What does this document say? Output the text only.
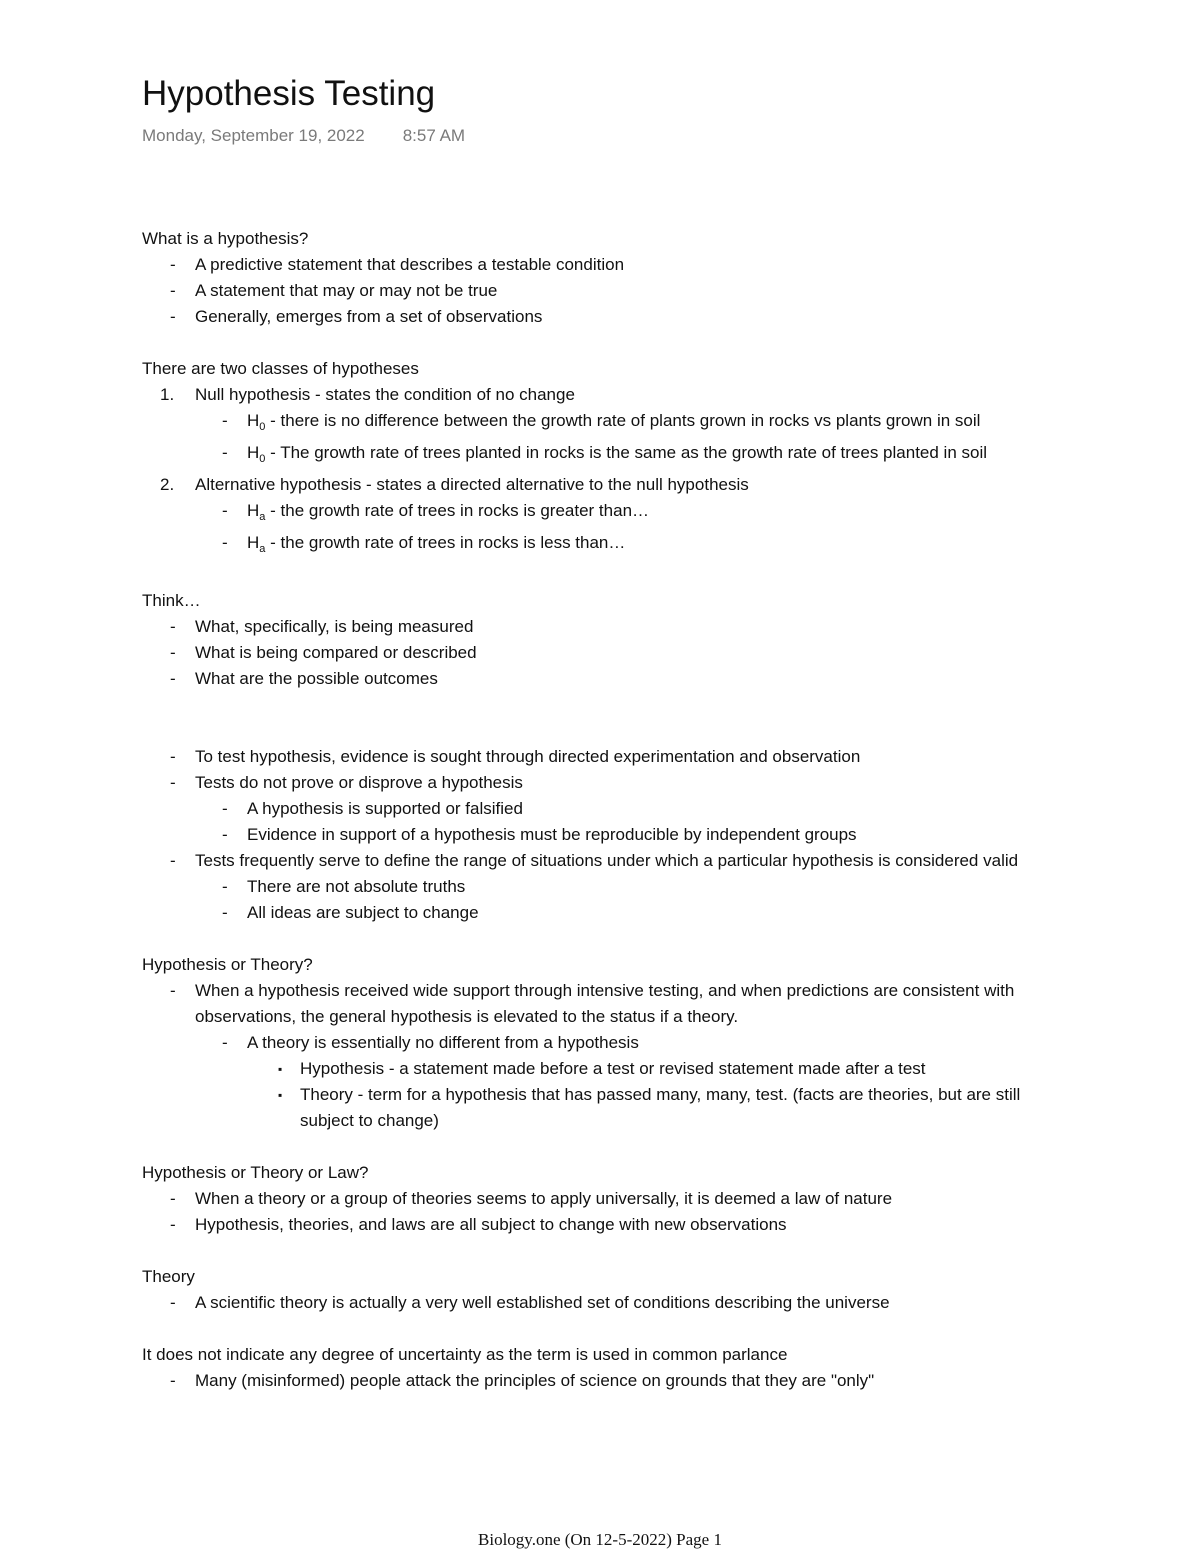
Hypothesis Testing
Monday, September 19, 2022 8:57 AM
What is a hypothesis?
- A predictive statement that describes a testable condition
- A statement that may or may not be true
- Generally, emerges from a set of observations
There are two classes of hypotheses
1. Null hypothesis - states the condition of no change
- $H_0$ - there is no difference between the growth rate of plants grown in rocks vs plants grown in soil
- $H_0$ - The growth rate of trees planted in rocks is the same as the growth rate of trees planted in soil
2. Alternative hypothesis - states a directed alternative to the null hypothesis
- $H_a$ - the growth rate of trees in rocks is greater than…
- $H_a$ - the growth rate of trees in rocks is less than…
Think…
- What, specifically, is being measured
- What is being compared or described
- What are the possible outcomes
- To test hypothesis, evidence is sought through directed experimentation and observation
- Tests do not prove or disprove a hypothesis
- A hypothesis is supported or falsified
- Evidence in support of a hypothesis must be reproducible by independent groups
- Tests frequently serve to define the range of situations under which a particular hypothesis is considered valid
- There are not absolute truths
- All ideas are subject to change
Hypothesis or Theory?
- When a hypothesis received wide support through intensive testing, and when predictions are consistent with observations, the general hypothesis is elevated to the status if a theory.
- A theory is essentially no different from a hypothesis
▪ Hypothesis - a statement made before a test or revised statement made after a test
▪ Theory - term for a hypothesis that has passed many, many, test. (facts are theories, but are still subject to change)
Hypothesis or Theory or Law?
- When a theory or a group of theories seems to apply universally, it is deemed a law of nature
- Hypothesis, theories, and laws are all subject to change with new observations
Theory
- A scientific theory is actually a very well established set of conditions describing the universe
It does not indicate any degree of uncertainty as the term is used in common parlance
- Many (misinformed) people attack the principles of science on grounds that they are "only"
Biology.one (On 12-5-2022) Page 1
